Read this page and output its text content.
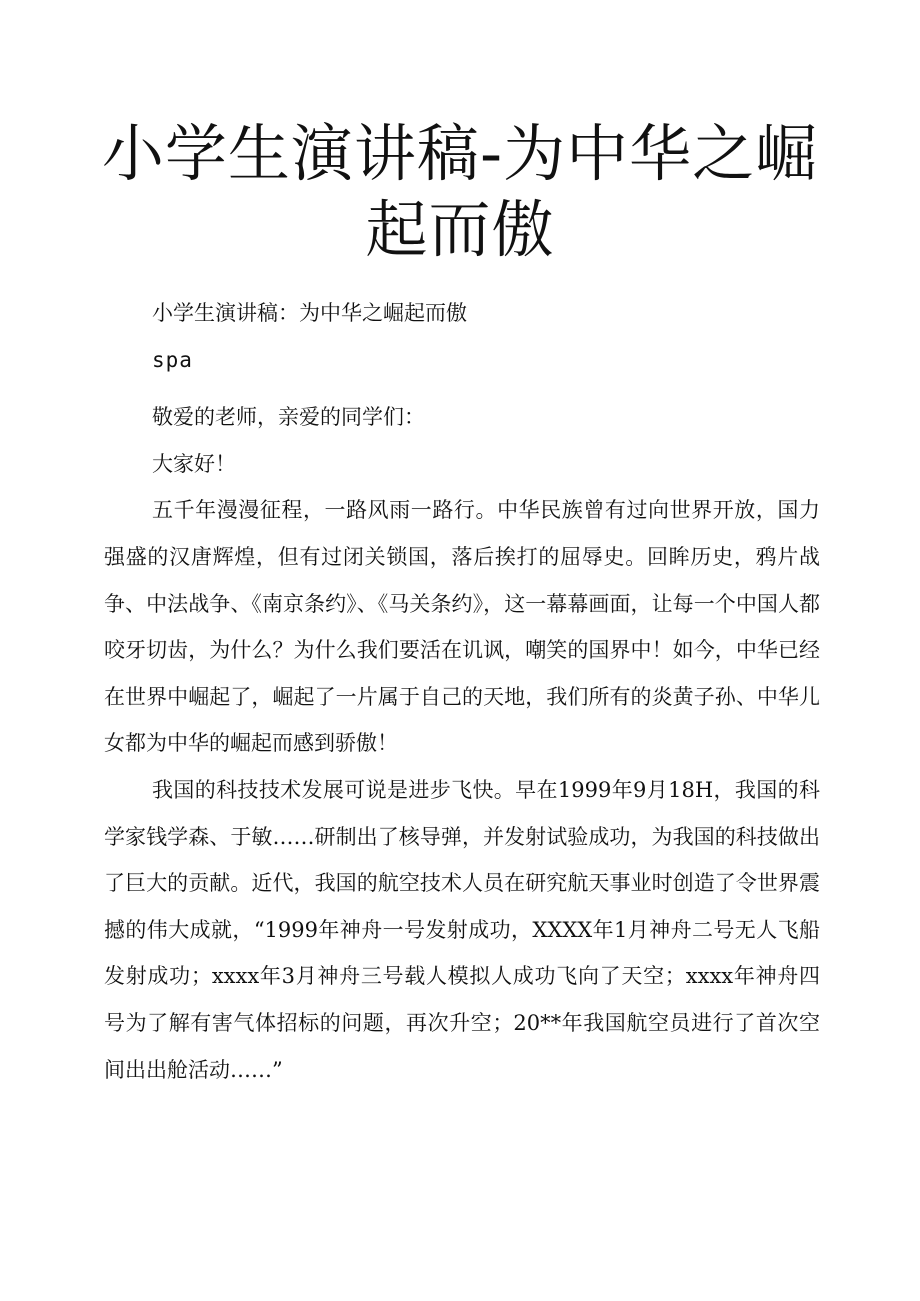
小学生演讲稿-为中华之崛起而傲

小学生演讲稿：为中华之崛起而傲

spa

敬爱的老师，亲爱的同学们：

大家好！

五千年漫漫征程，一路风雨一路行。中华民族曾有过向世界开放，国力强盛的汉唐辉煌，但有过闭关锁国，落后挨打的屈辱史。回眸历史，鸦片战争、中法战争、《南京条约》、《马关条约》，这一幕幕画面，让每一个中国人都咬牙切齿，为什么？为什么我们要活在讥讽，嘲笑的国界中！如今，中华已经在世界中崛起了，崛起了一片属于自己的天地，我们所有的炎黄子孙、中华儿女都为中华的崛起而感到骄傲！

我国的科技技术发展可说是进步飞快。早在1999年9月18H，我国的科学家钱学森、于敏……研制出了核导弹，并发射试验成功，为我国的科技做出了巨大的贡献。近代，我国的航空技术人员在研究航天事业时创造了令世界震撼的伟大成就，“1999年神舟一号发射成功，XXXX年1月神舟二号无人飞船发射成功；xxxx年3月神舟三号载人模拟人成功飞向了天空；xxxx年神舟四号为了解有害气体招标的问题，再次升空；20**年我国航空员进行了首次空间出出舱活动……”
